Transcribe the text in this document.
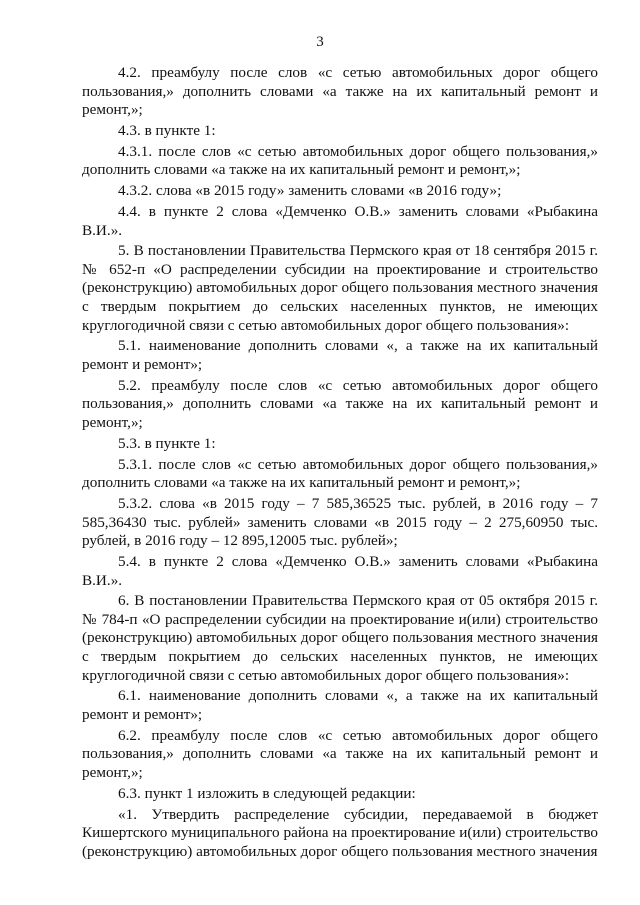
3

4.2. преамбулу после слов «с сетью автомобильных дорог общего пользования,» дополнить словами «а также на их капитальный ремонт и ремонт,»;

4.3. в пункте 1:

4.3.1. после слов «с сетью автомобильных дорог общего пользования,» дополнить словами «а также на их капитальный ремонт и ремонт,»;

4.3.2. слова «в 2015 году» заменить словами «в 2016 году»;

4.4. в пункте 2 слова «Демченко О.В.» заменить словами «Рыбакина В.И.».

5. В постановлении Правительства Пермского края от 18 сентября 2015 г. № 652-п «О распределении субсидии на проектирование и строительство (реконструкцию) автомобильных дорог общего пользования местного значения с твердым покрытием до сельских населенных пунктов, не имеющих круглогодичной связи с сетью автомобильных дорог общего пользования»:

5.1. наименование дополнить словами «, а также на их капитальный ремонт и ремонт»;

5.2. преамбулу после слов «с сетью автомобильных дорог общего пользования,» дополнить словами «а также на их капитальный ремонт и ремонт,»;

5.3. в пункте 1:

5.3.1. после слов «с сетью автомобильных дорог общего пользования,» дополнить словами «а также на их капитальный ремонт и ремонт,»;

5.3.2. слова «в 2015 году – 7 585,36525 тыс. рублей, в 2016 году – 7 585,36430 тыс. рублей» заменить словами «в 2015 году – 2 275,60950 тыс. рублей, в 2016 году – 12 895,12005 тыс. рублей»;

5.4. в пункте 2 слова «Демченко О.В.» заменить словами «Рыбакина В.И.».

6. В постановлении Правительства Пермского края от 05 октября 2015 г. № 784-п «О распределении субсидии на проектирование и(или) строительство (реконструкцию) автомобильных дорог общего пользования местного значения с твердым покрытием до сельских населенных пунктов, не имеющих круглогодичной связи с сетью автомобильных дорог общего пользования»:

6.1. наименование дополнить словами «, а также на их капитальный ремонт и ремонт»;

6.2. преамбулу после слов «с сетью автомобильных дорог общего пользования,» дополнить словами «а также на их капитальный ремонт и ремонт,»;

6.3. пункт 1 изложить в следующей редакции:

«1. Утвердить распределение субсидии, передаваемой в бюджет Кишертского муниципального района на проектирование и(или) строительство (реконструкцию) автомобильных дорог общего пользования местного значения
